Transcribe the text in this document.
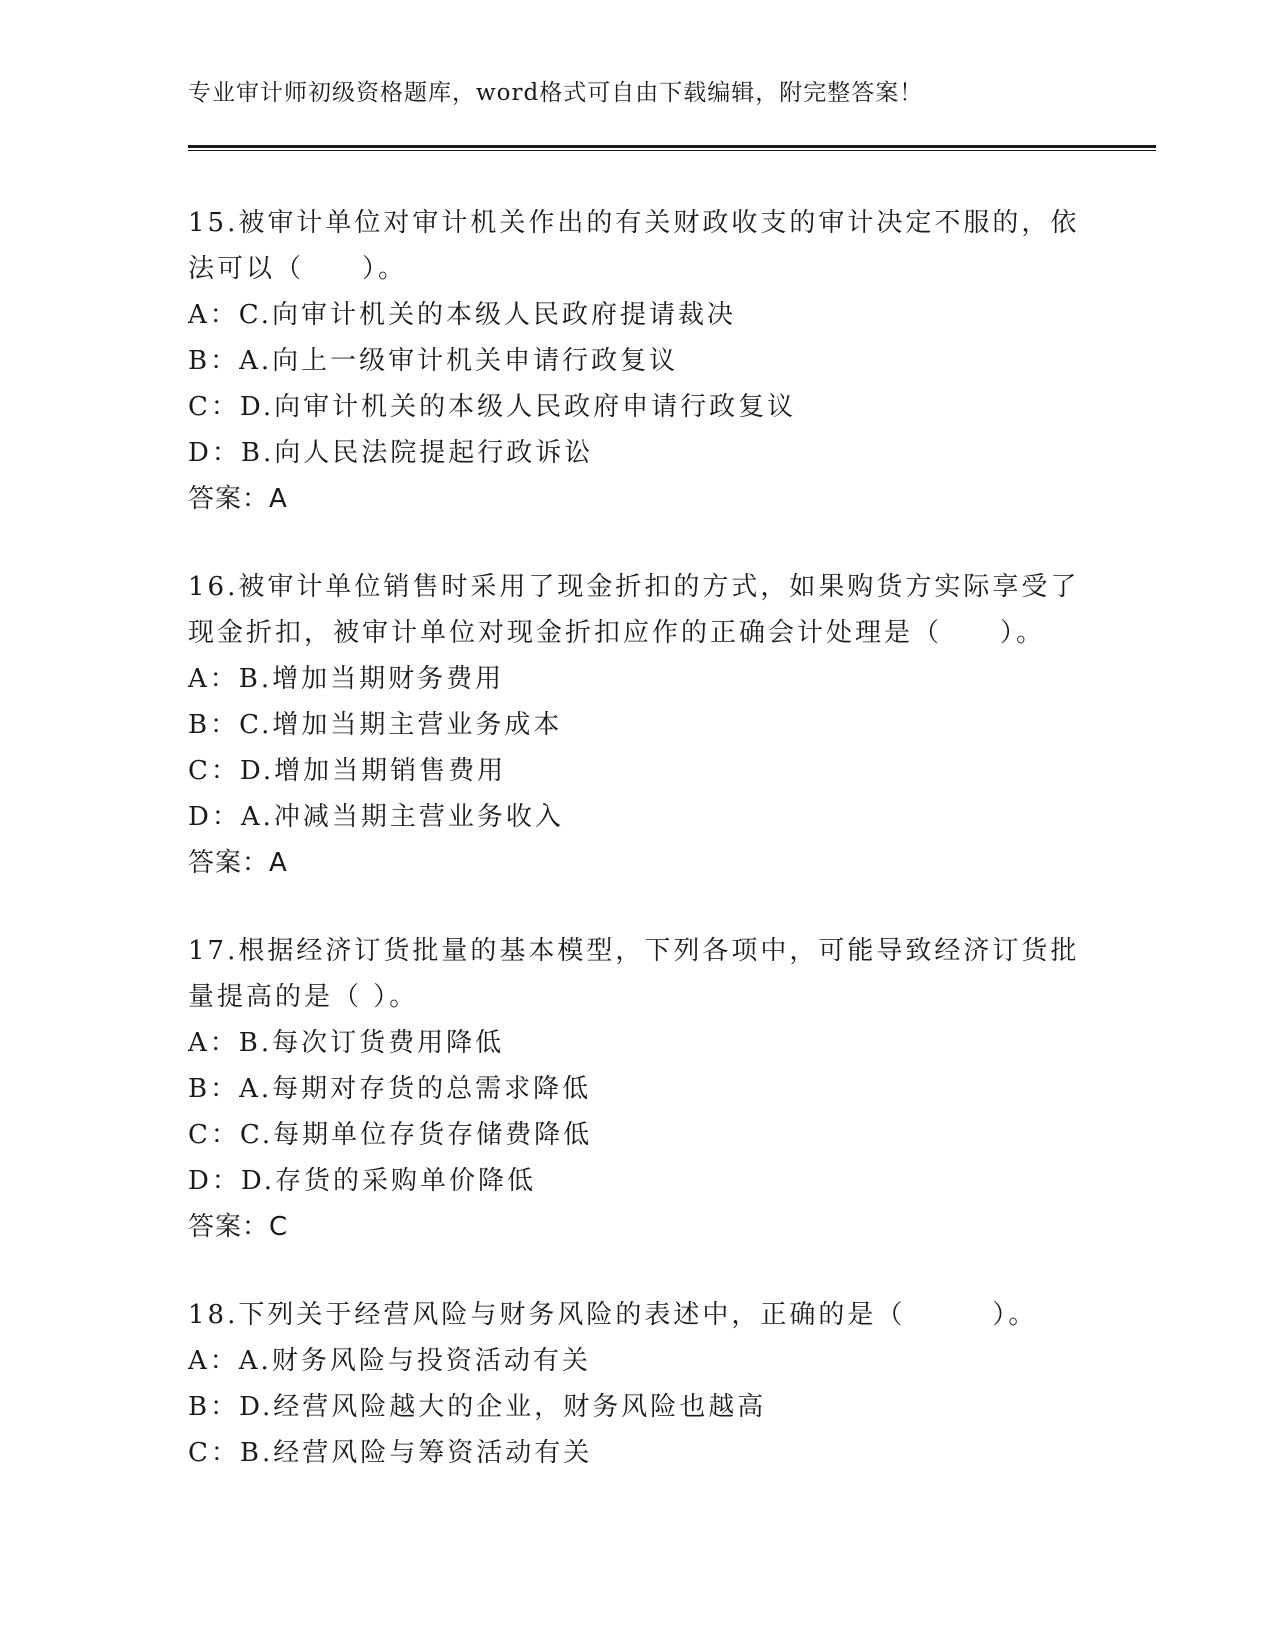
专业审计师初级资格题库，word格式可自由下载编辑，附完整答案！
15.被审计单位对审计机关作出的有关财政收支的审计决定不服的，依
法可以（　　）。
A：C.向审计机关的本级人民政府提请裁决
B：A.向上一级审计机关申请行政复议
C：D.向审计机关的本级人民政府申请行政复议
D：B.向人民法院提起行政诉讼
答案：A
16.被审计单位销售时采用了现金折扣的方式，如果购货方实际享受了
现金折扣，被审计单位对现金折扣应作的正确会计处理是（　　）。
A：B.增加当期财务费用
B：C.增加当期主营业务成本
C：D.增加当期销售费用
D：A.冲减当期主营业务收入
答案：A
17.根据经济订货批量的基本模型，下列各项中，可能导致经济订货批
量提高的是（ ）。
A：B.每次订货费用降低
B：A.每期对存货的总需求降低
C：C.每期单位存货存储费降低
D：D.存货的采购单价降低
答案：C
18.下列关于经营风险与财务风险的表述中，正确的是（　　　）。
A：A.财务风险与投资活动有关
B：D.经营风险越大的企业，财务风险也越高
C：B.经营风险与筹资活动有关
